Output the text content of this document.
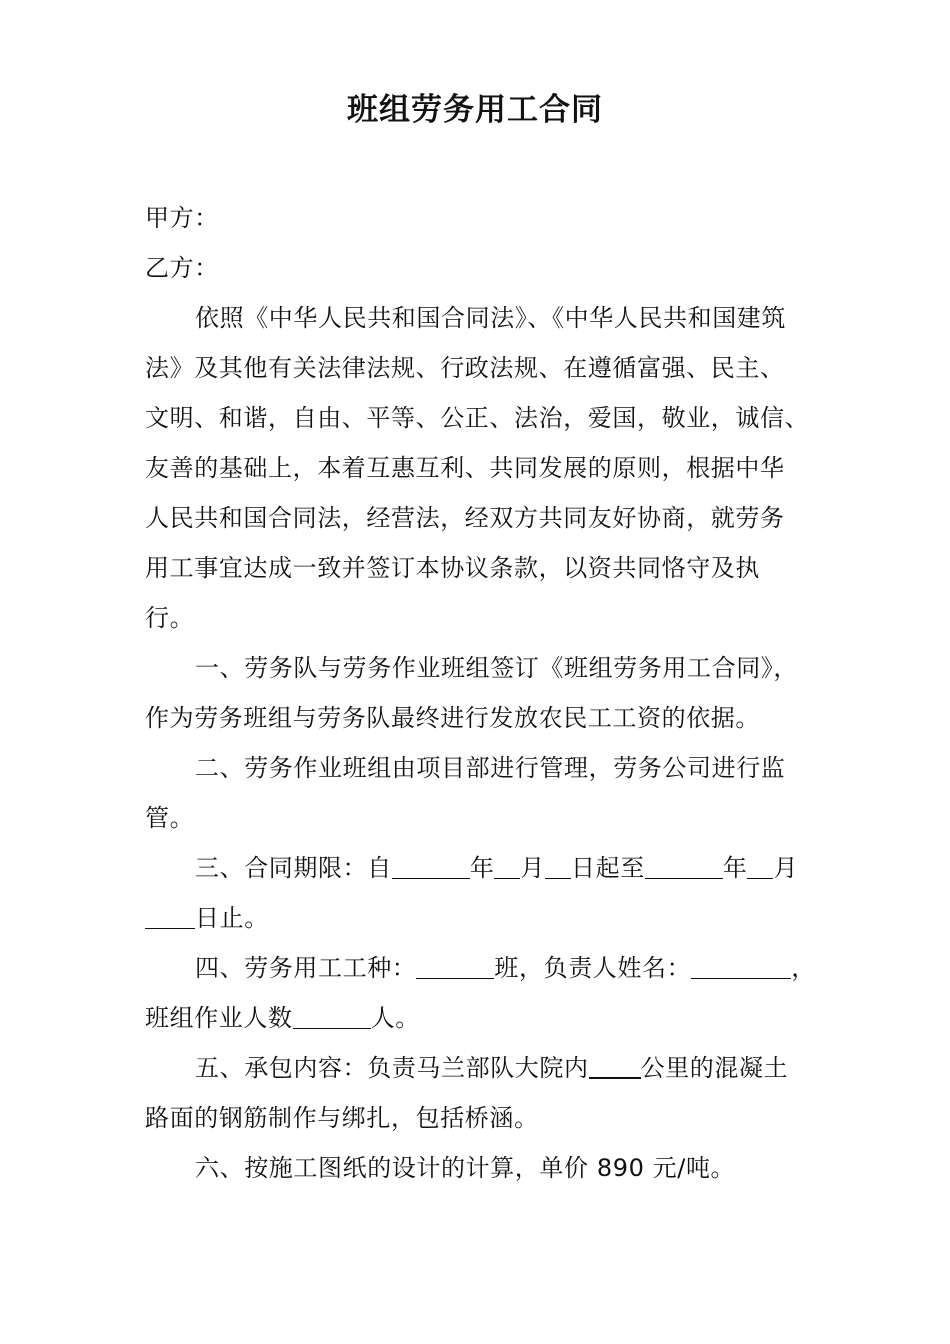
班组劳务用工合同
甲方：
乙方：
依照《中华人民共和国合同法》、《中华人民共和国建筑
法》及其他有关法律法规、行政法规、在遵循富强、民主、
文明、和谐，自由、平等、公正、法治，爱国，敬业，诚信、
友善的基础上，本着互惠互利、共同发展的原则，根据中华
人民共和国合同法，经营法，经双方共同友好协商，就劳务
用工事宜达成一致并签订本协议条款，以资共同恪守及执
行。
一、劳务队与劳务作业班组签订《班组劳务用工合同》，
作为劳务班组与劳务队最终进行发放农民工工资的依据。
二、劳务作业班组由项目部进行管理，劳务公司进行监
管。
三、合同期限：自	年 月 日起至	年 月
日止。
四、劳务用工工种：	班，负责人姓名：	，
班组作业人数	人。
五、承包内容：负责马兰部队大院内 公里的混凝土
路面的钢筋制作与绑扎，包括桥涵。
六、按施工图纸的设计的计算，单价 890 元/吨。
